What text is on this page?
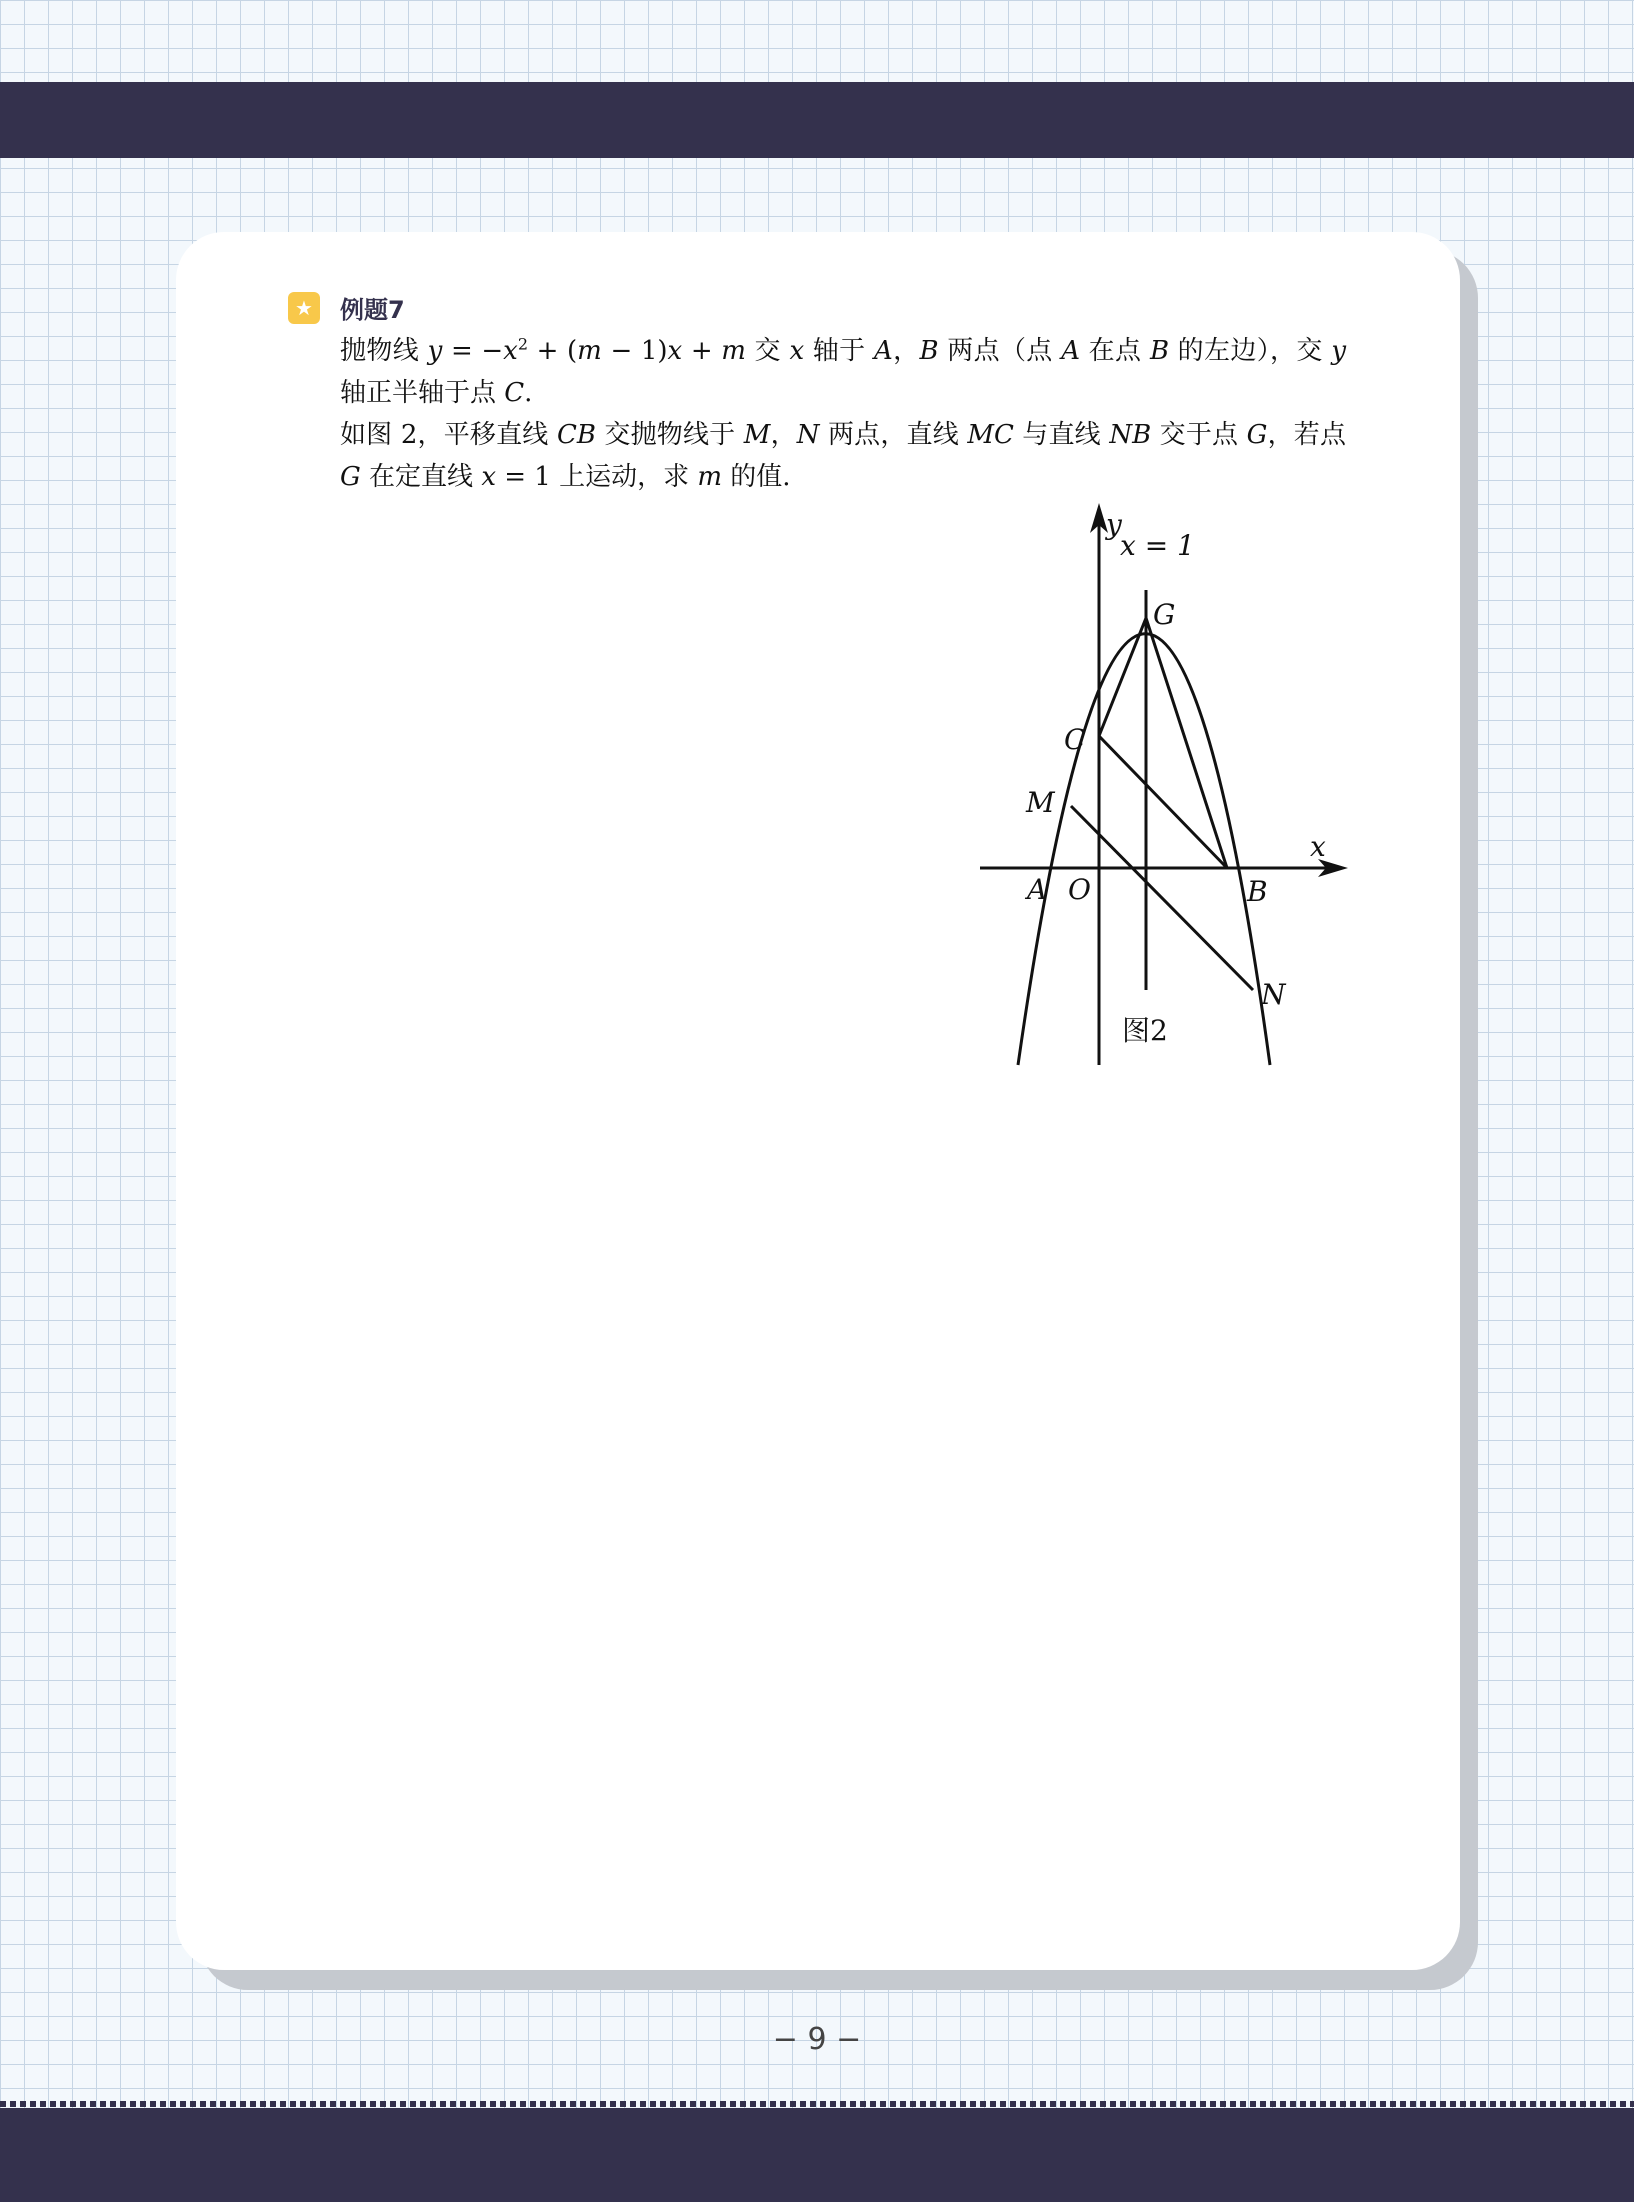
★ 例题7

抛物线 $y = -x^2 + (m - 1)x + m$ 交 x 轴于 A，B 两点（点 A 在点 B 的左边），交 y 轴正半轴于点 C.

如图 2，平移直线 CB 交抛物线于 M，N 两点，直线 MC 与直线 NB 交于点 G，若点 G 在定直线 x = 1 上运动，求 m 的值.

y
x = 1
G
C
M
x
A O	B
N
图2
− 9 −
